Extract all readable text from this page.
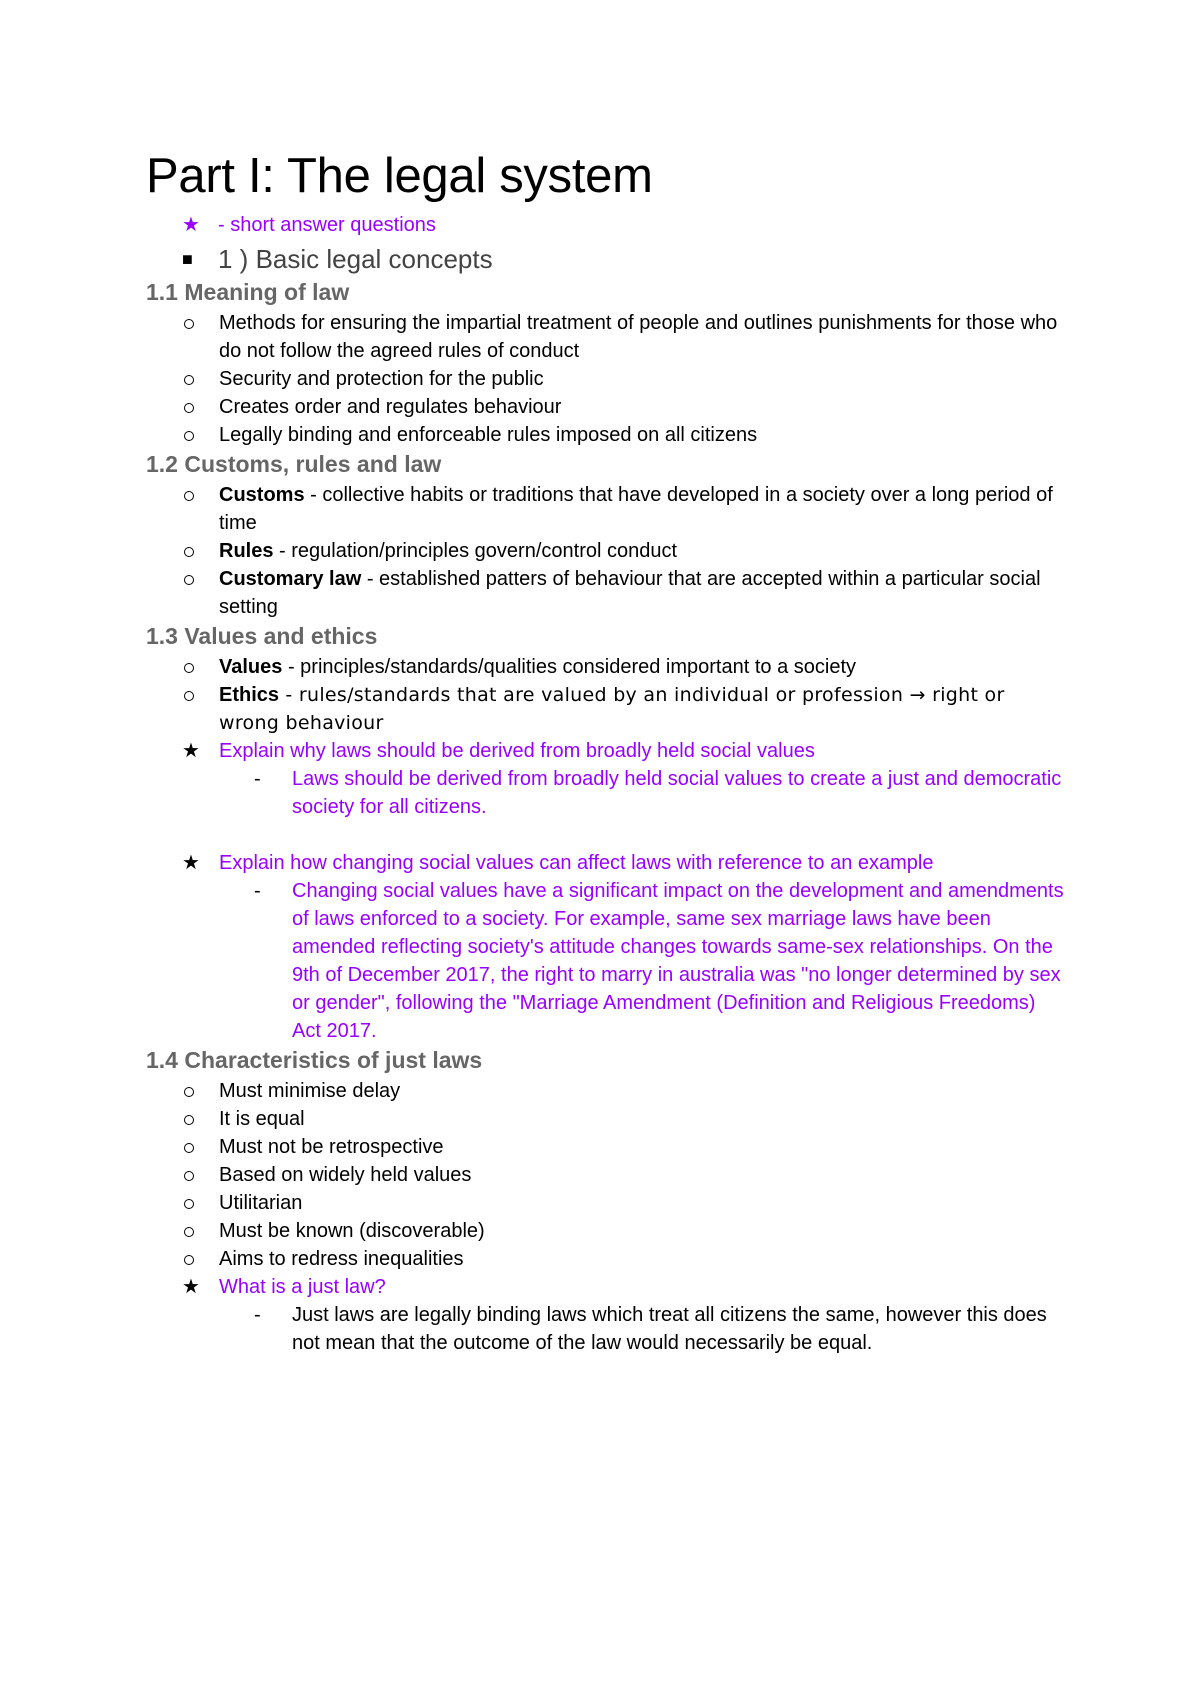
Part I: The legal system
★ - short answer questions
■ 1 ) Basic legal concepts
1.1 Meaning of law
Methods for ensuring the impartial treatment of people and outlines punishments for those who do not follow the agreed rules of conduct
Security and protection for the public
Creates order and regulates behaviour
Legally binding and enforceable rules imposed on all citizens
1.2 Customs, rules and law
Customs - collective habits or traditions that have developed in a society over a long period of time
Rules - regulation/principles govern/control conduct
Customary law - established patters of behaviour that are accepted within a particular social setting
1.3 Values and ethics
Values - principles/standards/qualities considered important to a society
Ethics - rules/standards that are valued by an individual or profession → right or wrong behaviour
★ Explain why laws should be derived from broadly held social values
-	Laws should be derived from broadly held social values to create a just and democratic society for all citizens.
★ Explain how changing social values can affect laws with reference to an example
-	Changing social values have a significant impact on the development and amendments of laws enforced to a society. For example, same sex marriage laws have been amended reflecting society's attitude changes towards same-sex relationships. On the 9th of December 2017, the right to marry in australia was "no longer determined by sex or gender", following the "Marriage Amendment (Definition and Religious Freedoms) Act 2017.
1.4 Characteristics of just laws
Must minimise delay
It is equal
Must not be retrospective
Based on widely held values
Utilitarian
Must be known (discoverable)
Aims to redress inequalities
★ What is a just law?
-	Just laws are legally binding laws which treat all citizens the same, however this does not mean that the outcome of the law would necessarily be equal.
